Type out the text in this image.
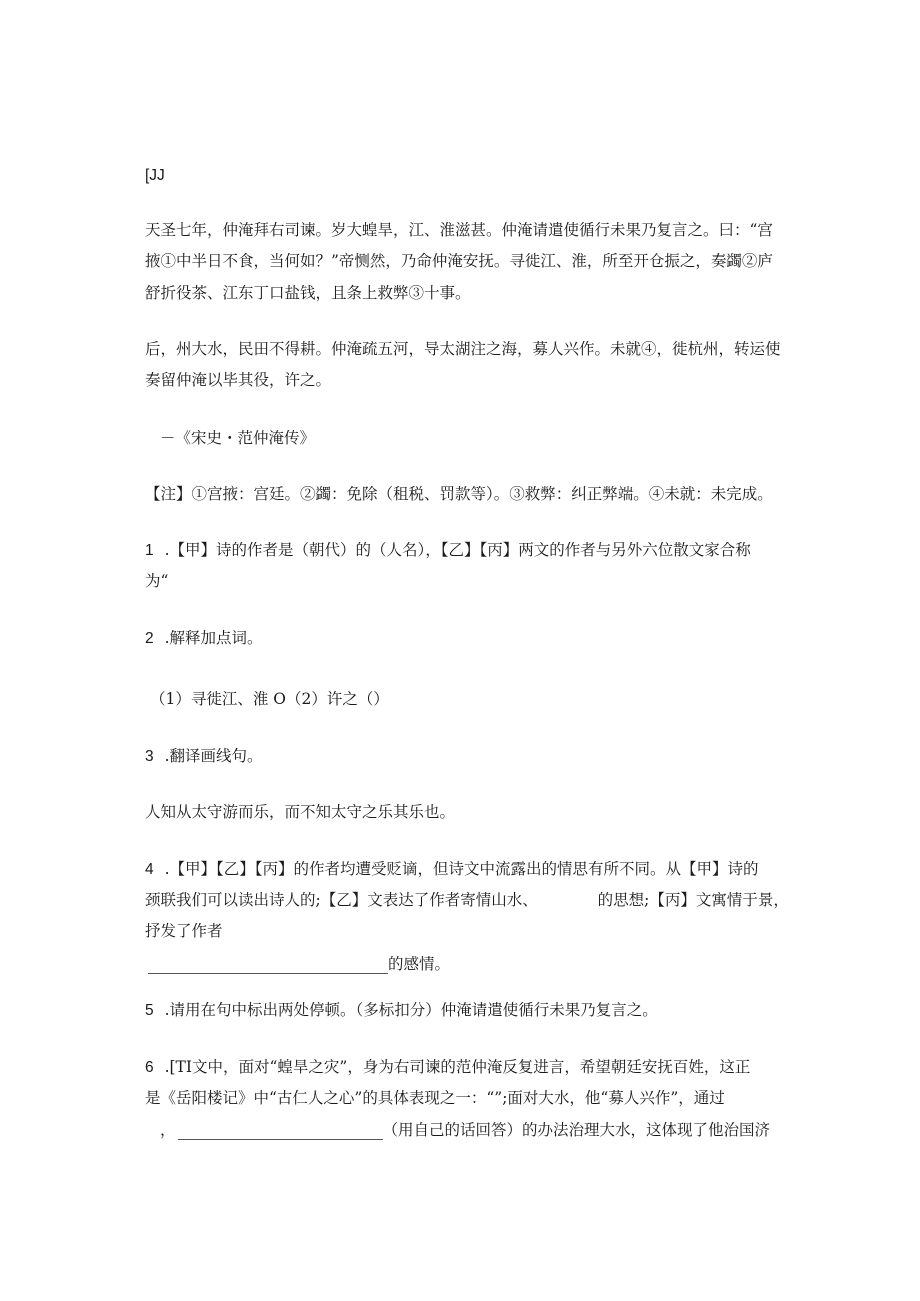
[JJ
天圣七年，仲淹拜右司谏。岁大蝗旱，江、淮滋甚。仲淹请遣使循行未果乃复言之。曰：“宫
掖①中半日不食，当何如？”帝恻然，乃命仲淹安抚。寻徙江、淮，所至开仓振之，奏蠲②庐
舒折役茶、江东丁口盐钱，且条上救弊③十事。
后，州大水，民田不得耕。仲淹疏五河，导太湖注之海，募人兴作。未就④，徙杭州，转运使
奏留仲淹以毕其役，许之。
－《宋史・范仲淹传》
【注】①宫掖：宫廷。②蠲：免除（租税、罚款等）。③救弊：纠正弊端。④未就：未完成。
1 .【甲】诗的作者是（朝代）的（人名），【乙】【丙】两文的作者与另外六位散文家合称
为“
2 .解释加点词。
（1）寻徙江、淮 O（2）许之（）
3 .翻译画线句。
人知从太守游而乐，而不知太守之乐其乐也。
4 .【甲】【乙】【丙】的作者均遭受贬谪，但诗文中流露出的情思有所不同。从【甲】诗的
颈联我们可以读出诗人的;【乙】文表达了作者寄情山水、	的思想;【丙】文寓情于景，
抒发了作者
的感情。
5 .请用在句中标出两处停顿。（多标扣分）仲淹请遣使循行未果乃复言之。
6 .[TI文中，面对“蝗旱之灾”，身为右司谏的范仲淹反复进言，希望朝廷安抚百姓，这正
是《岳阳楼记》中“古仁人之心”的具体表现之一：“”;面对大水，他“募人兴作”，通过
，	（用自己的话回答）的办法治理大水，这体现了他治国济
